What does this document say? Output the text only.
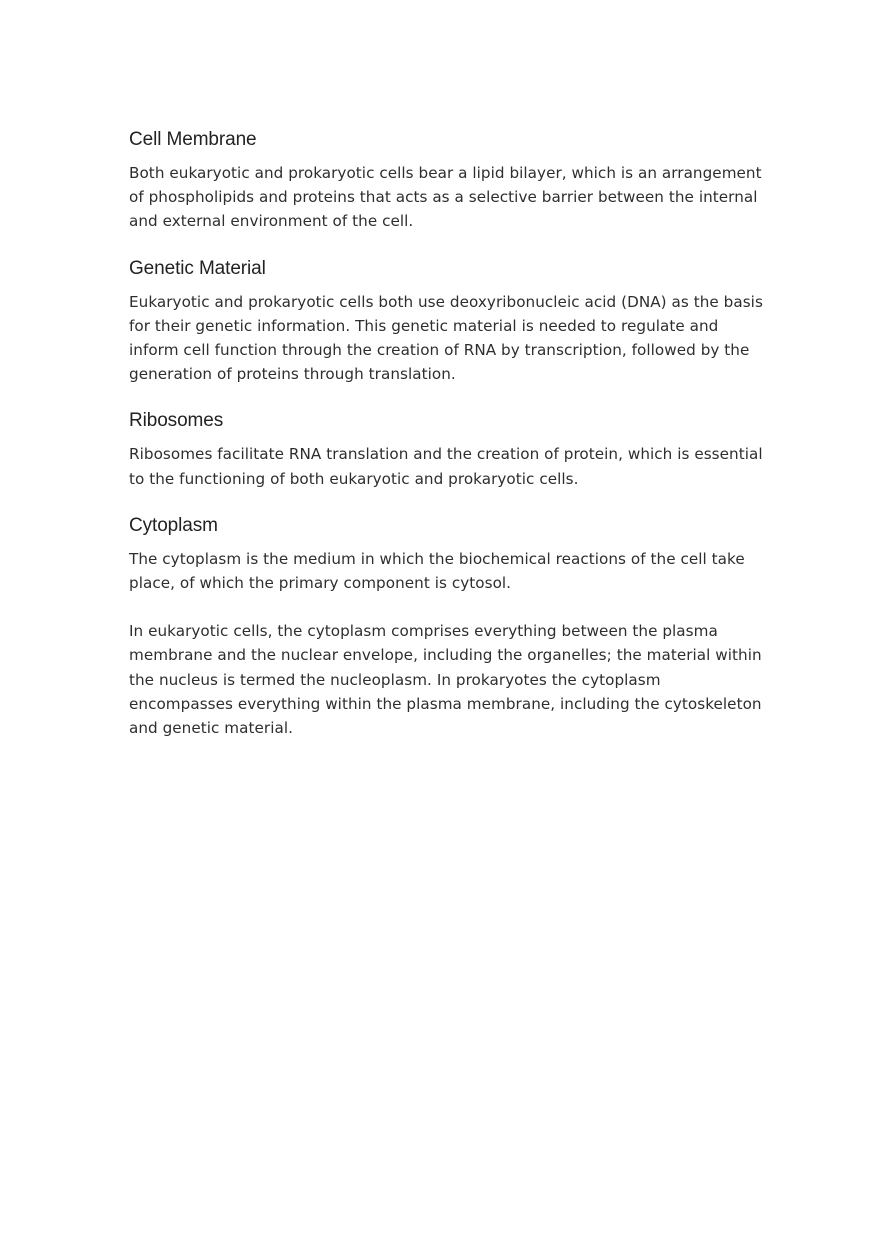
Cell Membrane

Both eukaryotic and prokaryotic cells bear a lipid bilayer, which is an arrangement of phospholipids and proteins that acts as a selective barrier between the internal and external environment of the cell.

Genetic Material

Eukaryotic and prokaryotic cells both use deoxyribonucleic acid (DNA) as the basis for their genetic information. This genetic material is needed to regulate and inform cell function through the creation of RNA by transcription, followed by the generation of proteins through translation.

Ribosomes

Ribosomes facilitate RNA translation and the creation of protein, which is essential to the functioning of both eukaryotic and prokaryotic cells.

Cytoplasm

The cytoplasm is the medium in which the biochemical reactions of the cell take place, of which the primary component is cytosol.

In eukaryotic cells, the cytoplasm comprises everything between the plasma membrane and the nuclear envelope, including the organelles; the material within the nucleus is termed the nucleoplasm. In prokaryotes the cytoplasm encompasses everything within the plasma membrane, including the cytoskeleton and genetic material.
